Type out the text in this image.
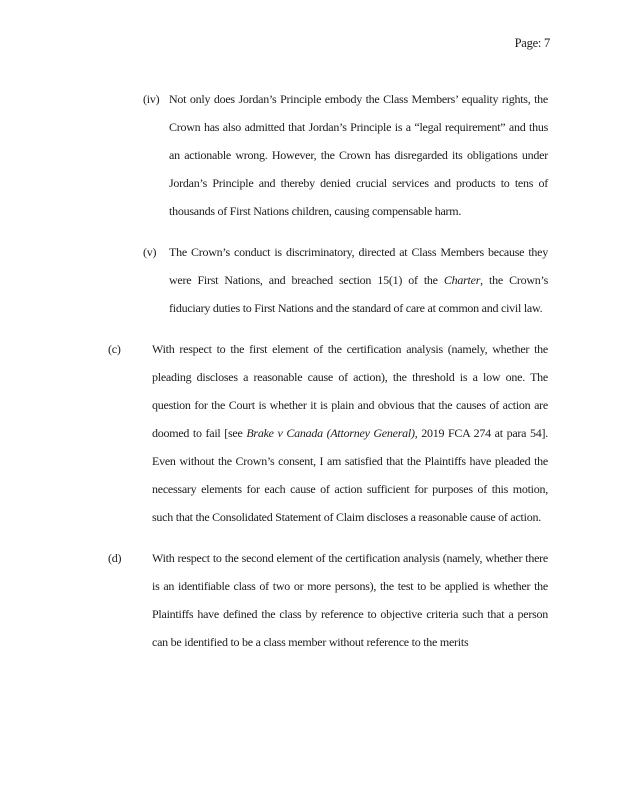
Page: 7
(iv) Not only does Jordan’s Principle embody the Class Members’ equality rights, the Crown has also admitted that Jordan’s Principle is a “legal requirement” and thus an actionable wrong. However, the Crown has disregarded its obligations under Jordan’s Principle and thereby denied crucial services and products to tens of thousands of First Nations children, causing compensable harm.
(v)	The Crown’s conduct is discriminatory, directed at Class Members because they were First Nations, and breached section 15(1) of the Charter, the Crown’s fiduciary duties to First Nations and the standard of care at common and civil law.
(c)	With respect to the first element of the certification analysis (namely, whether the pleading discloses a reasonable cause of action), the threshold is a low one. The question for the Court is whether it is plain and obvious that the causes of action are doomed to fail [see Brake v Canada (Attorney General), 2019 FCA 274 at para 54]. Even without the Crown’s consent, I am satisfied that the Plaintiffs have pleaded the necessary elements for each cause of action sufficient for purposes of this motion, such that the Consolidated Statement of Claim discloses a reasonable cause of action.
(d)	With respect to the second element of the certification analysis (namely, whether there is an identifiable class of two or more persons), the test to be applied is whether the Plaintiffs have defined the class by reference to objective criteria such that a person can be identified to be a class member without reference to the merits
